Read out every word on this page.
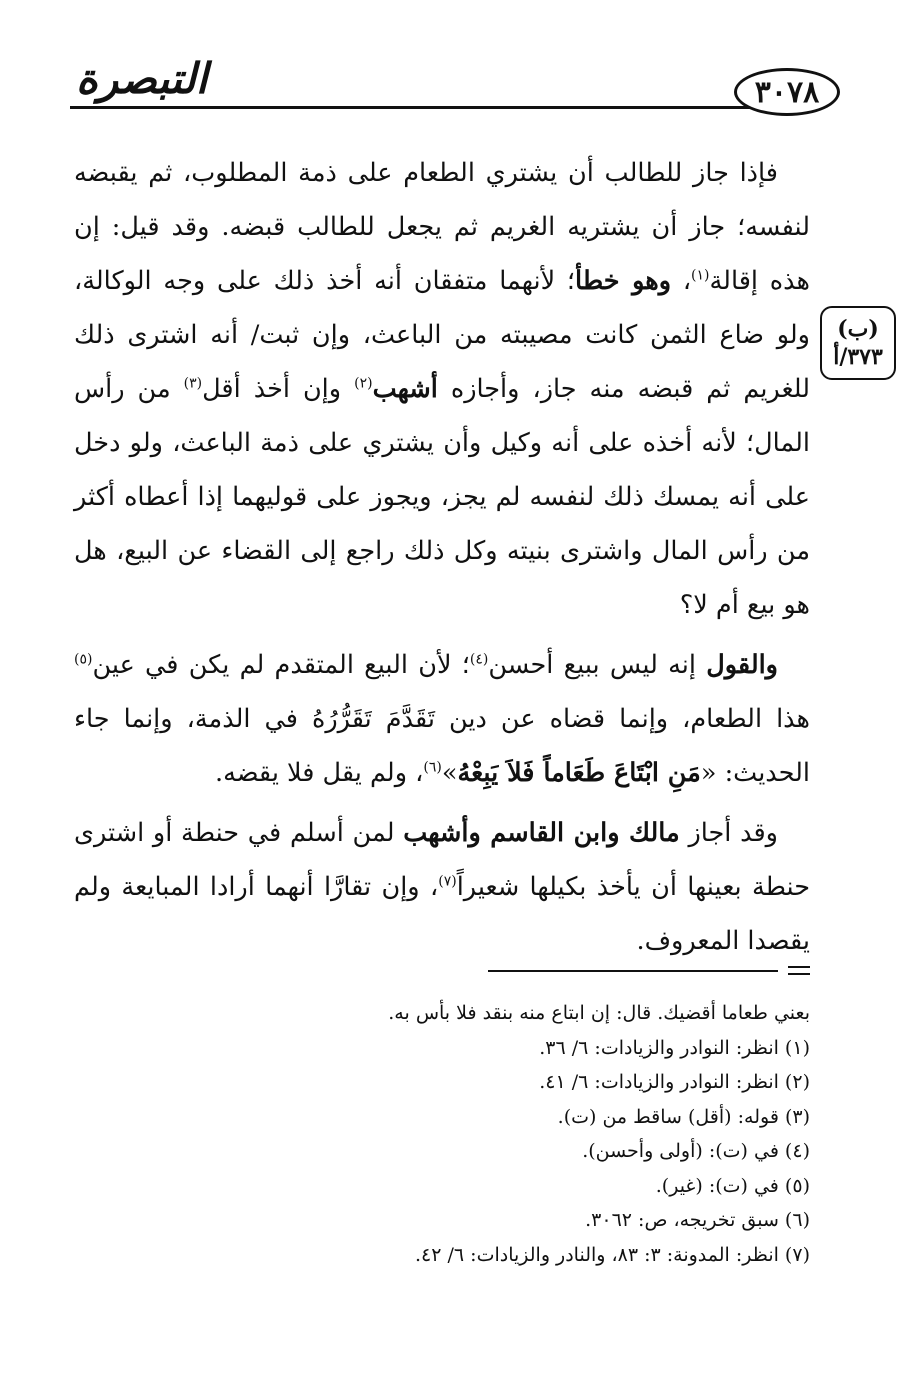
٣٠٧٨
التبصرة
(ب)
٣٧٣/أ

فإذا جاز للطالب أن يشتري الطعام على ذمة المطلوب، ثم يقبضه لنفسه؛ جاز أن يشتريه الغريم ثم يجعل للطالب قبضه. وقد قيل: إن هذه إقالة$^{(١)}$، وهو خطأ؛ لأنهما متفقان أنه أخذ ذلك على وجه الوكالة، ولو ضاع الثمن كانت مصيبته من الباعث، وإن ثبت/ أنه اشترى ذلك للغريم ثم قبضه منه جاز، وأجازه أشهب$^{(٢)}$ وإن أخذ أقل$^{(٣)}$ من رأس المال؛ لأنه أخذه على أنه وكيل وأن يشتري على ذمة الباعث، ولو دخل على أنه يمسك ذلك لنفسه لم يجز، ويجوز على قوليهما إذا أعطاه أكثر من رأس المال واشترى بنيته وكل ذلك راجع إلى القضاء عن البيع، هل هو بيع أم لا؟

والقول إنه ليس ببيع أحسن$^{(٤)}$؛ لأن البيع المتقدم لم يكن في عين$^{(٥)}$ هذا الطعام، وإنما قضاه عن دين تَقَدَّمَ تَقَرُّرُهُ في الذمة، وإنما جاء الحديث: «مَنِ ابْتَاعَ طَعَاماً فَلاَ يَبِعْهُ»$^{(٦)}$، ولم يقل فلا يقضه.

وقد أجاز مالك وابن القاسم وأشهب لمن أسلم في حنطة أو اشترى حنطة بعينها أن يأخذ بكيلها شعيراً$^{(٧)}$، وإن تقارَّا أنهما أرادا المبايعة ولم يقصدا المعروف.

بعني طعاما أقضيك. قال: إن ابتاع منه بنقد فلا بأس به.
(١) انظر: النوادر والزيادات: ٦/ ٣٦.
(٢) انظر: النوادر والزيادات: ٦/ ٤١.
(٣) قوله: (أقل) ساقط من (ت).
(٤) في (ت): (أولى وأحسن).
(٥) في (ت): (غير).
(٦) سبق تخريجه، ص: ٣٠٦٢.
(٧) انظر: المدونة: ٣: ٨٣، والنادر والزيادات: ٦/ ٤٢.
